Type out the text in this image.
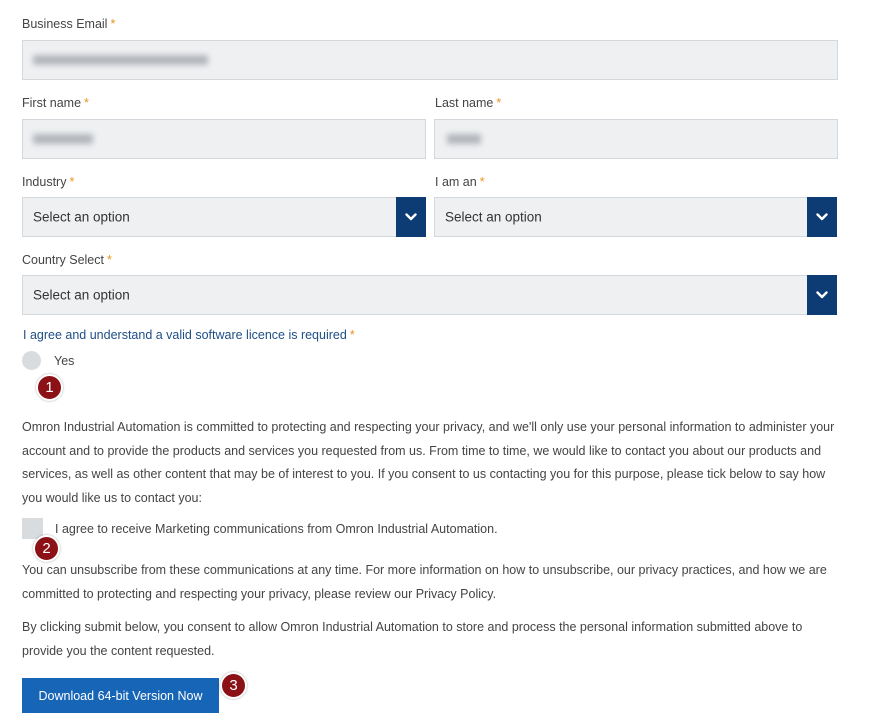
Business Email *
First name *	Last name *
Industry *
Select an option
I am an *
Select an option
Country Select *
Select an option
I agree and understand a valid software licence is required *
Yes
1
Omron Industrial Automation is committed to protecting and respecting your privacy, and we'll only use your personal information to administer your account and to provide the products and services you requested from us. From time to time, we would like to contact you about our products and services, as well as other content that may be of interest to you. If you consent to us contacting you for this purpose, please tick below to say how you would like us to contact you:
I agree to receive Marketing communications from Omron Industrial Automation.
2
You can unsubscribe from these communications at any time. For more information on how to unsubscribe, our privacy practices, and how we are committed to protecting and respecting your privacy, please review our Privacy Policy.
By clicking submit below, you consent to allow Omron Industrial Automation to store and process the personal information submitted above to provide you the content requested.
Download 64-bit Version Now
3
